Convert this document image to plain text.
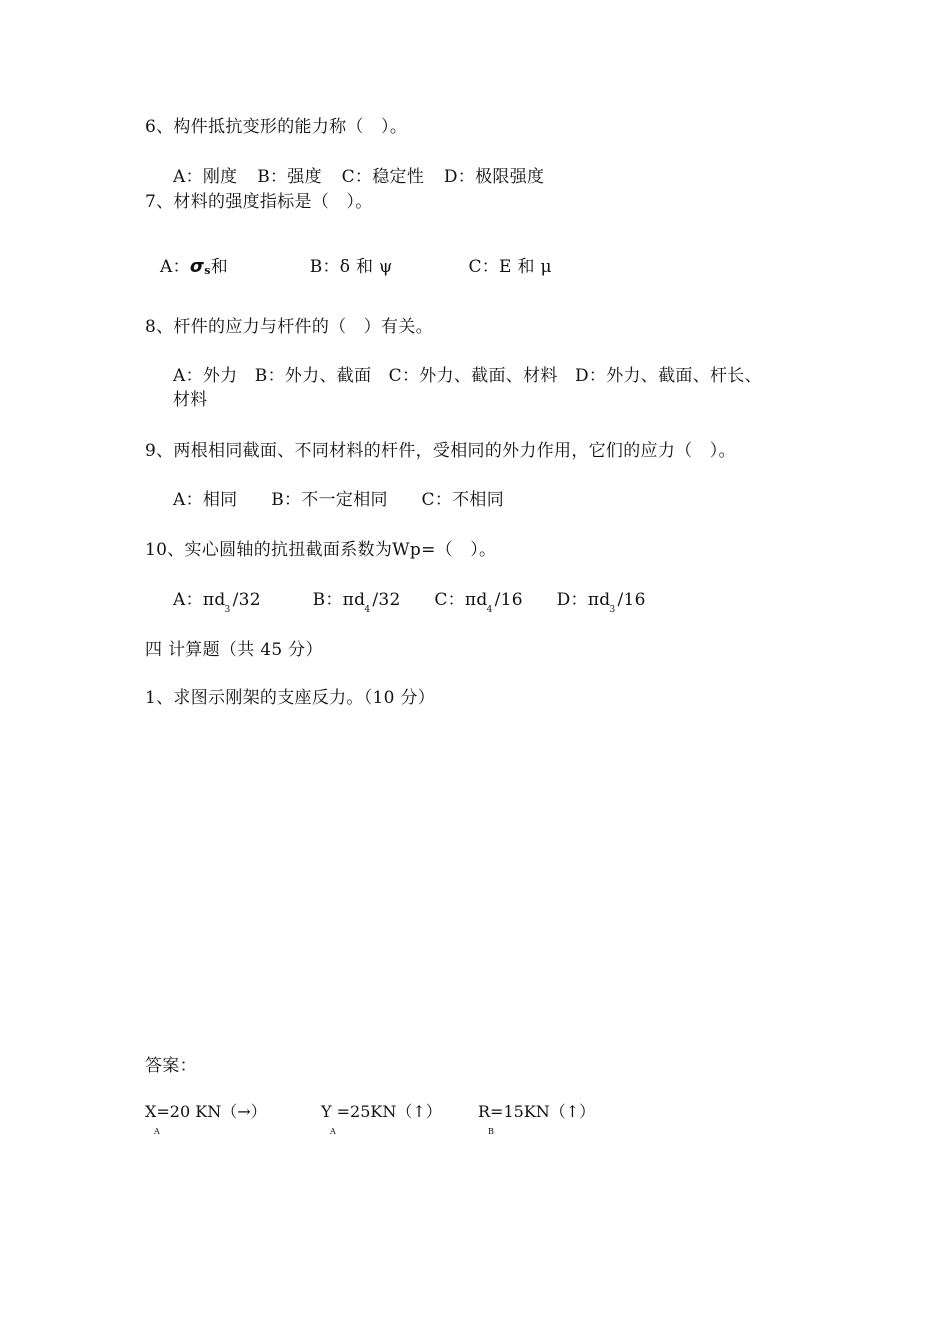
6、构件抵抗变形的能力称（　）。
A：刚度 B：强度 C：稳定性 D：极限强度
7、材料的强度指标是（　）。
A：σs和	B：δ 和 ψ	C：E 和 μ
8、杆件的应力与杆件的（　）有关。
A：外力　B：外力、截面　C：外力、截面、材料　D：外力、截面、杆长、
材料
9、两根相同截面、不同材料的杆件，受相同的外力作用，它们的应力（　）。
A：相同 B：不一定相同 C：不相同
10、实心圆轴的抗扭截面系数为Wp=（　）。
A：$\pi d_3$ /32	B：$\pi d_4$ /32 C：$\pi d_4$ /16 D：$\pi d_3$ /16
四 计算题（共 45 分）
1、求图示刚架的支座反力。（10 分）
答案：
X=20 KN（→）
A
Y =25KN（↑）
A
R=15KN（↑）
B
